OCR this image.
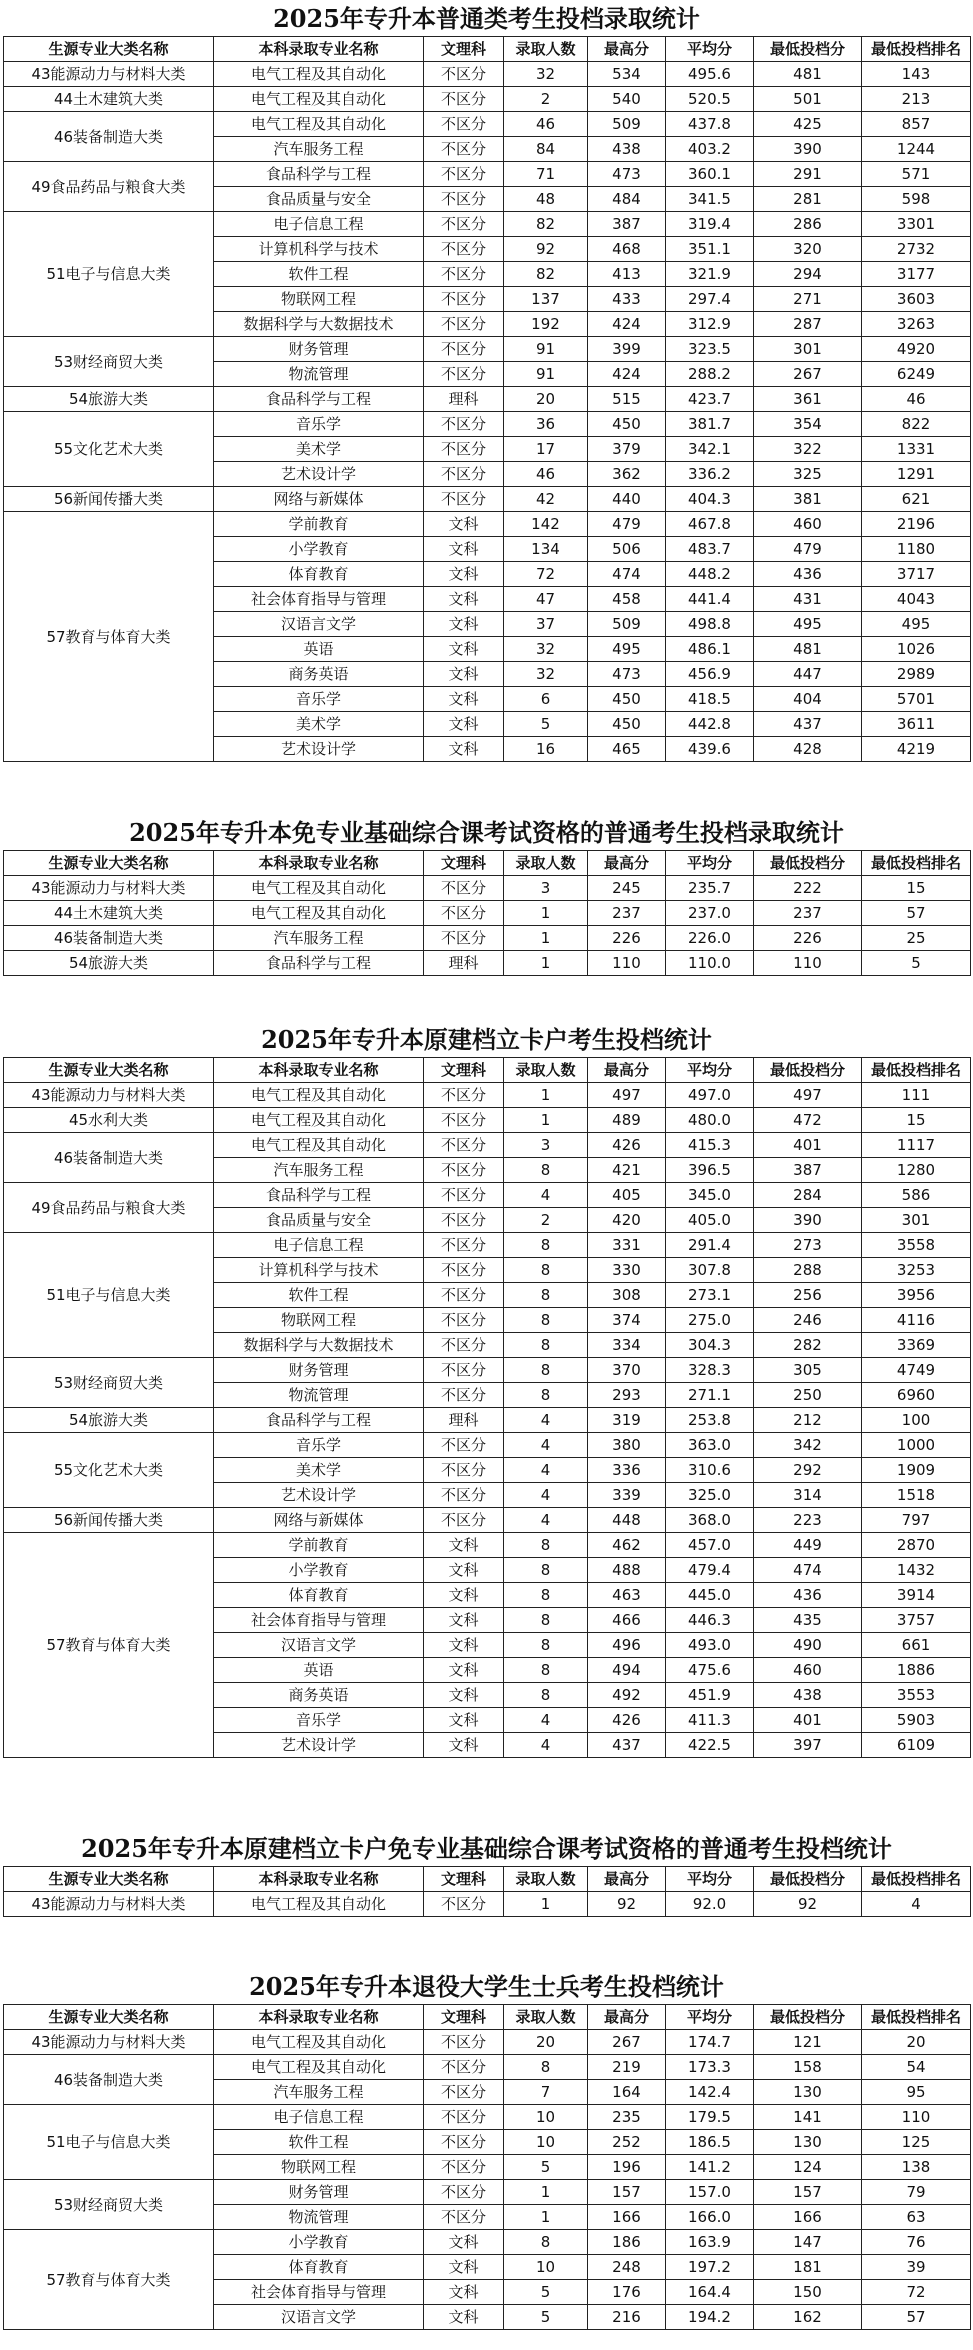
2025年专升本普通类考生投档录取统计
生源专业大类名称	本科录取专业名称	文理科	录取人数	最高分	平均分	最低投档分	最低投档排名
43能源动力与材料大类	电气工程及其自动化	不区分	32	534	495.6	481	143
44土木建筑大类	电气工程及其自动化	不区分	2	540	520.5	501	213
46装备制造大类	电气工程及其自动化	不区分	46	509	437.8	425	857
	汽车服务工程	不区分	84	438	403.2	390	1244
49食品药品与粮食大类	食品科学与工程	不区分	71	473	360.1	291	571
	食品质量与安全	不区分	48	484	341.5	281	598
51电子与信息大类	电子信息工程	不区分	82	387	319.4	286	3301
	计算机科学与技术	不区分	92	468	351.1	320	2732
	软件工程	不区分	82	413	321.9	294	3177
	物联网工程	不区分	137	433	297.4	271	3603
	数据科学与大数据技术	不区分	192	424	312.9	287	3263
53财经商贸大类	财务管理	不区分	91	399	323.5	301	4920
	物流管理	不区分	91	424	288.2	267	6249
54旅游大类	食品科学与工程	理科	20	515	423.7	361	46
55文化艺术大类	音乐学	不区分	36	450	381.7	354	822
	美术学	不区分	17	379	342.1	322	1331
	艺术设计学	不区分	46	362	336.2	325	1291
56新闻传播大类	网络与新媒体	不区分	42	440	404.3	381	621
57教育与体育大类	学前教育	文科	142	479	467.8	460	2196
	小学教育	文科	134	506	483.7	479	1180
	体育教育	文科	72	474	448.2	436	3717
	社会体育指导与管理	文科	47	458	441.4	431	4043
	汉语言文学	文科	37	509	498.8	495	495
	英语	文科	32	495	486.1	481	1026
	商务英语	文科	32	473	456.9	447	2989
	音乐学	文科	6	450	418.5	404	5701
	美术学	文科	5	450	442.8	437	3611
	艺术设计学	文科	16	465	439.6	428	4219
2025年专升本免专业基础综合课考试资格的普通考生投档录取统计
生源专业大类名称	本科录取专业名称	文理科	录取人数	最高分	平均分	最低投档分	最低投档排名
43能源动力与材料大类	电气工程及其自动化	不区分	3	245	235.7	222	15
44土木建筑大类	电气工程及其自动化	不区分	1	237	237.0	237	57
46装备制造大类	汽车服务工程	不区分	1	226	226.0	226	25
54旅游大类	食品科学与工程	理科	1	110	110.0	110	5
2025年专升本原建档立卡户考生投档统计
生源专业大类名称	本科录取专业名称	文理科	录取人数	最高分	平均分	最低投档分	最低投档排名
43能源动力与材料大类	电气工程及其自动化	不区分	1	497	497.0	497	111
45水利大类	电气工程及其自动化	不区分	1	489	480.0	472	15
46装备制造大类	电气工程及其自动化	不区分	3	426	415.3	401	1117
	汽车服务工程	不区分	8	421	396.5	387	1280
49食品药品与粮食大类	食品科学与工程	不区分	4	405	345.0	284	586
	食品质量与安全	不区分	2	420	405.0	390	301
51电子与信息大类	电子信息工程	不区分	8	331	291.4	273	3558
	计算机科学与技术	不区分	8	330	307.8	288	3253
	软件工程	不区分	8	308	273.1	256	3956
	物联网工程	不区分	8	374	275.0	246	4116
	数据科学与大数据技术	不区分	8	334	304.3	282	3369
53财经商贸大类	财务管理	不区分	8	370	328.3	305	4749
	物流管理	不区分	8	293	271.1	250	6960
54旅游大类	食品科学与工程	理科	4	319	253.8	212	100
55文化艺术大类	音乐学	不区分	4	380	363.0	342	1000
	美术学	不区分	4	336	310.6	292	1909
	艺术设计学	不区分	4	339	325.0	314	1518
56新闻传播大类	网络与新媒体	不区分	4	448	368.0	223	797
57教育与体育大类	学前教育	文科	8	462	457.0	449	2870
	小学教育	文科	8	488	479.4	474	1432
	体育教育	文科	8	463	445.0	436	3914
	社会体育指导与管理	文科	8	466	446.3	435	3757
	汉语言文学	文科	8	496	493.0	490	661
	英语	文科	8	494	475.6	460	1886
	商务英语	文科	8	492	451.9	438	3553
	音乐学	文科	4	426	411.3	401	5903
	艺术设计学	文科	4	437	422.5	397	6109
2025年专升本原建档立卡户免专业基础综合课考试资格的普通考生投档统计
生源专业大类名称	本科录取专业名称	文理科	录取人数	最高分	平均分	最低投档分	最低投档排名
43能源动力与材料大类	电气工程及其自动化	不区分	1	92	92.0	92	4
2025年专升本退役大学生士兵考生投档统计
生源专业大类名称	本科录取专业名称	文理科	录取人数	最高分	平均分	最低投档分	最低投档排名
43能源动力与材料大类	电气工程及其自动化	不区分	20	267	174.7	121	20
46装备制造大类	电气工程及其自动化	不区分	8	219	173.3	158	54
	汽车服务工程	不区分	7	164	142.4	130	95
51电子与信息大类	电子信息工程	不区分	10	235	179.5	141	110
	软件工程	不区分	10	252	186.5	130	125
	物联网工程	不区分	5	196	141.2	124	138
53财经商贸大类	财务管理	不区分	1	157	157.0	157	79
	物流管理	不区分	1	166	166.0	166	63
57教育与体育大类	小学教育	文科	8	186	163.9	147	76
	体育教育	文科	10	248	197.2	181	39
	社会体育指导与管理	文科	5	176	164.4	150	72
	汉语言文学	文科	5	216	194.2	162	57
